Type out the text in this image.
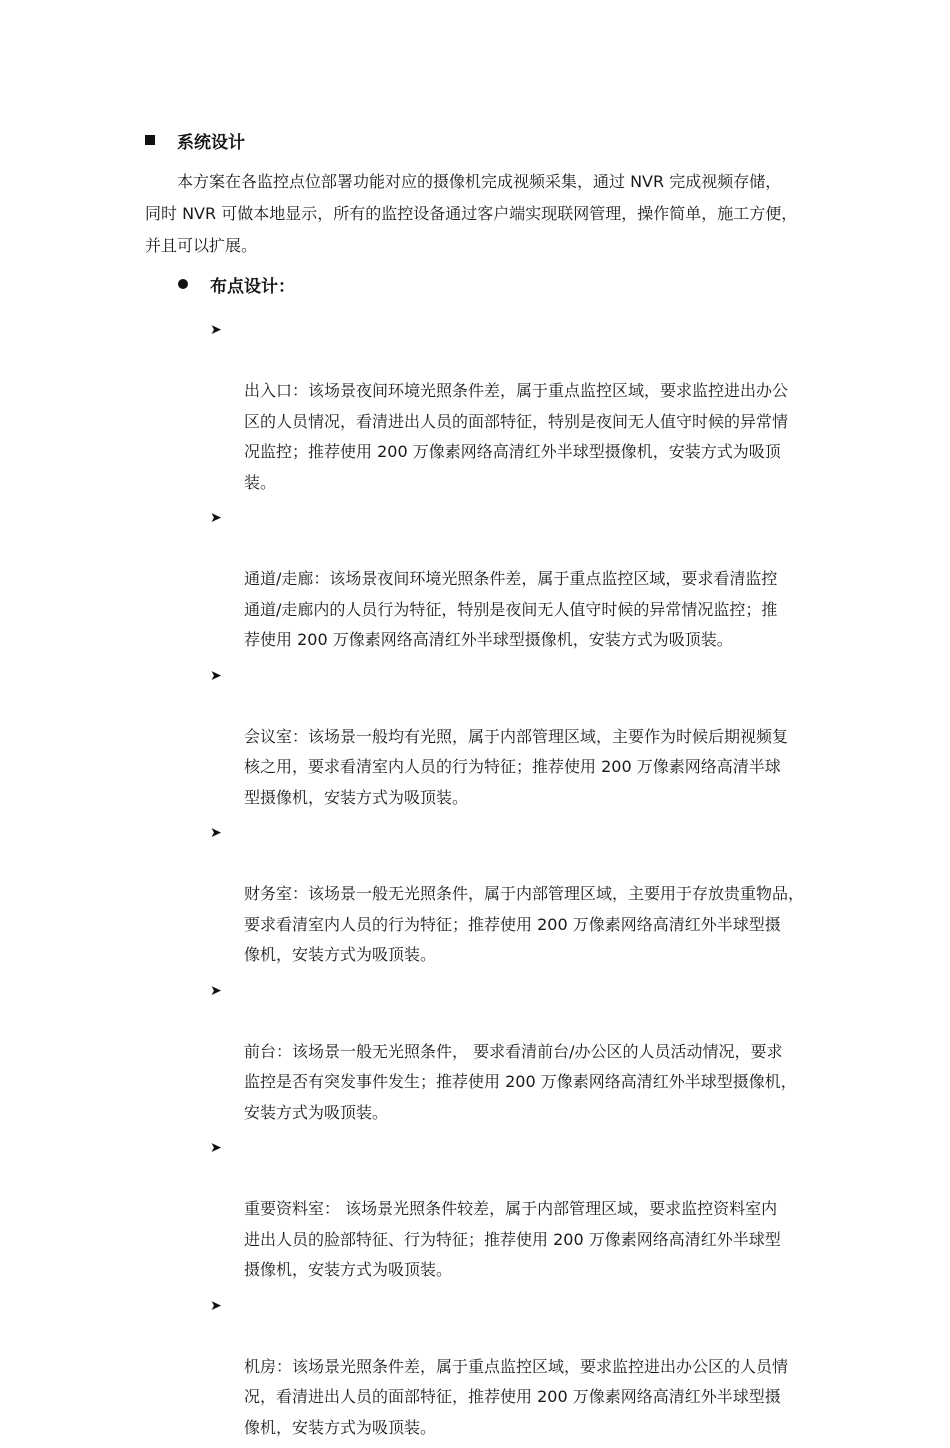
系统设计

本方案在各监控点位部署功能对应的摄像机完成视频采集，通过 NVR 完成视频存储，
同时 NVR 可做本地显示，所有的监控设备通过客户端实现联网管理，操作简单，施工方便，
并且可以扩展。

布点设计：

➤

出入口：该场景夜间环境光照条件差，属于重点监控区域，要求监控进出办公
区的人员情况，看清进出人员的面部特征，特别是夜间无人值守时候的异常情
况监控；推荐使用 200 万像素网络高清红外半球型摄像机，安装方式为吸顶
装。

➤

通道/走廊：该场景夜间环境光照条件差，属于重点监控区域，要求看清监控
通道/走廊内的人员行为特征，特别是夜间无人值守时候的异常情况监控；推
荐使用 200 万像素网络高清红外半球型摄像机，安装方式为吸顶装。

➤

会议室：该场景一般均有光照，属于内部管理区域，主要作为时候后期视频复
核之用，要求看清室内人员的行为特征；推荐使用 200 万像素网络高清半球
型摄像机，安装方式为吸顶装。

➤

财务室：该场景一般无光照条件，属于内部管理区域，主要用于存放贵重物品，
要求看清室内人员的行为特征；推荐使用 200 万像素网络高清红外半球型摄
像机，安装方式为吸顶装。

➤

前台：该场景一般无光照条件， 要求看清前台/办公区的人员活动情况，要求
监控是否有突发事件发生；推荐使用 200 万像素网络高清红外半球型摄像机，
安装方式为吸顶装。

➤

重要资料室： 该场景光照条件较差，属于内部管理区域，要求监控资料室内
进出人员的脸部特征、行为特征；推荐使用 200 万像素网络高清红外半球型
摄像机，安装方式为吸顶装。

➤

机房：该场景光照条件差，属于重点监控区域，要求监控进出办公区的人员情
况，看清进出人员的面部特征，推荐使用 200 万像素网络高清红外半球型摄
像机，安装方式为吸顶装。
